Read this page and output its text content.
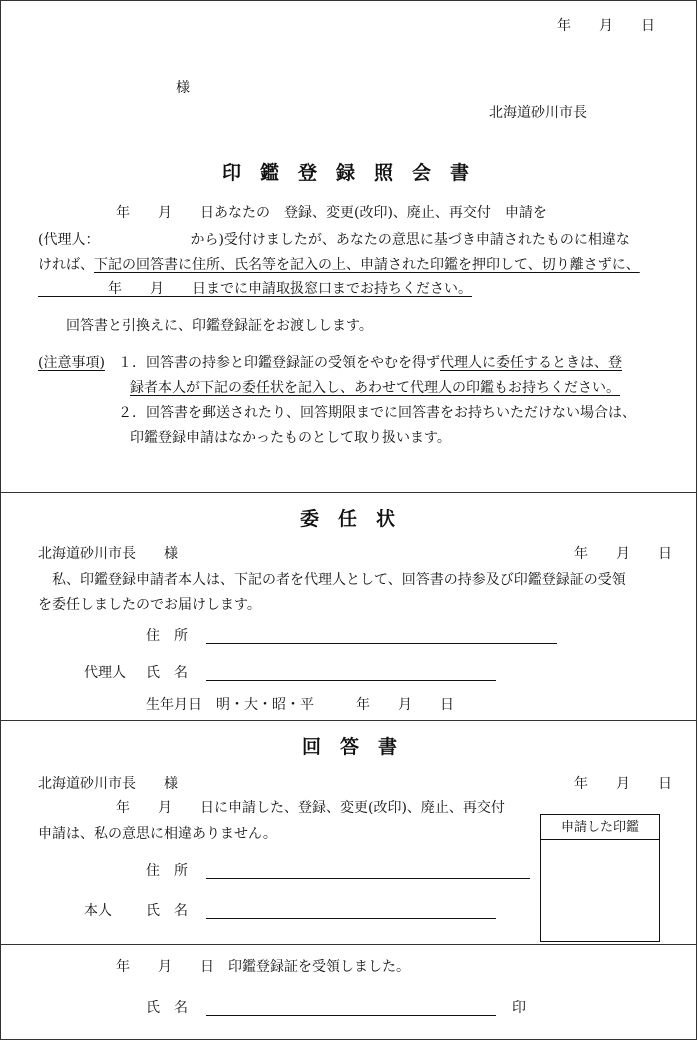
年　　月　　日
様
北海道砂川市長
印　鑑　登　録　照　会　書
年　　月　　日あなたの　登録、変更(改印)、廃止、再交付　申請を
(代理人：　　　　　　　から)受付けましたが、あなたの意思に基づき申請されたものに相違な
ければ、下記の回答書に住所、氏名等を記入の上、申請された印鑑を押印して、切り離さずに、
　　　　　年　　月　　日までに申請取扱窓口までお持ちください。
回答書と引換えに、印鑑登録証をお渡しします。
(注意事項) １．回答書の持参と印鑑登録証の受領をやむを得ず代理人に委任するときは、登
録者本人が下記の委任状を記入し、あわせて代理人の印鑑もお持ちください。
２．回答書を郵送されたり、回答期限までに回答書をお持ちいただけない場合は、
印鑑登録申請はなかったものとして取り扱います。
委　任　状
北海道砂川市長　　様	年　　月　　日
私、印鑑登録申請者本人は、下記の者を代理人として、回答書の持参及び印鑑登録証の受領
を委任しましたのでお届けします。
住　所
代理人 氏　名
生年月日　明・大・昭・平　　　年　　月　　日
回　答　書
北海道砂川市長　　様	年　　月　　日
年　　月　　日に申請した、登録、変更(改印)、廃止、再交付
申請は、私の意思に相違ありません。	申請した印鑑
住　所
本人 氏　名
年　　月　　日　印鑑登録証を受領しました。
氏　名	印
